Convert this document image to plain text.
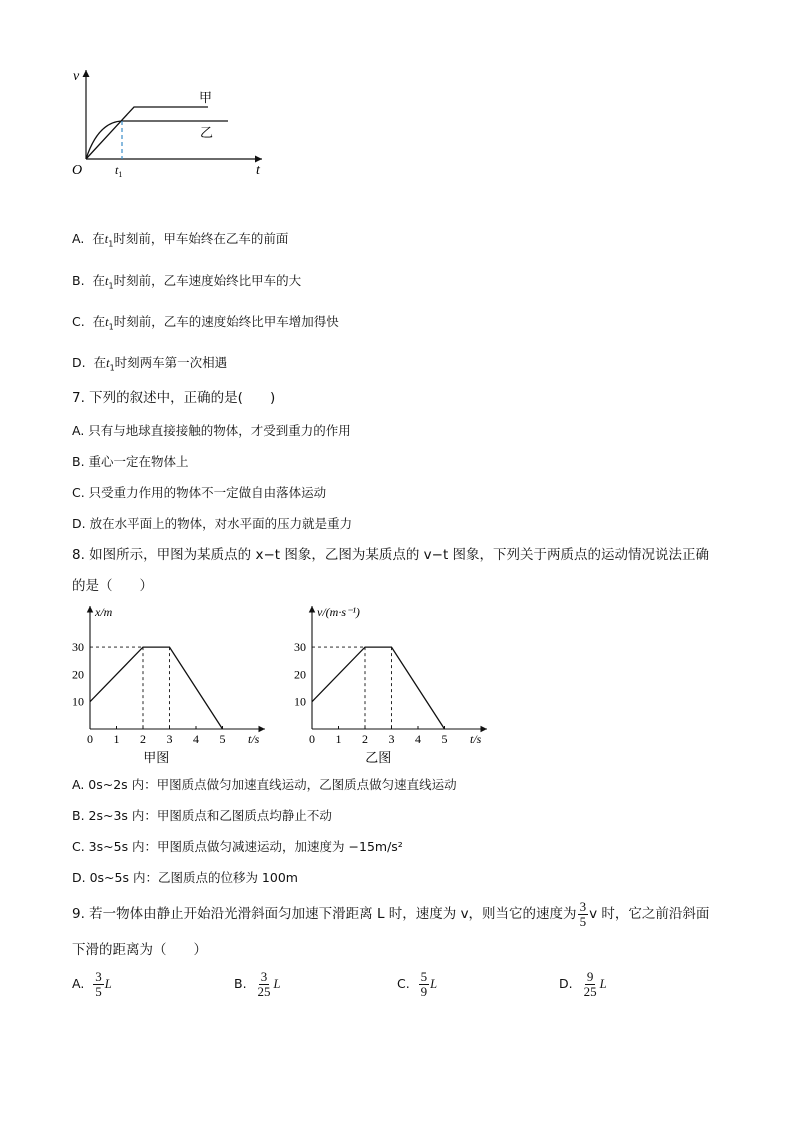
v
t
O	$t_1$
甲
乙
A. 在$t_1$时刻前，甲车始终在乙车的前面
B. 在$t_1$时刻前，乙车速度始终比甲车的大
C. 在$t_1$时刻前，乙车的速度始终比甲车增加得快
D. 在$t_1$时刻两车第一次相遇
7. 下列的叙述中，正确的是(　　)
A. 只有与地球直接接触的物体，才受到重力的作用
B. 重心一定在物体上
C. 只受重力作用的物体不一定做自由落体运动
D. 放在水平面上的物体，对水平面的压力就是重力
8. 如图所示，甲图为某质点的 x−t 图象，乙图为某质点的 v−t 图象，下列关于两质点的运动情况说法正确
的是（　　）
x/m
t/s
0 1 2 3 4 5
10
20
30
甲图
v/(m·s⁻¹)
t/s
0 1 2 3 4 5
10
20
30
乙图
A. 0s~2s 内：甲图质点做匀加速直线运动，乙图质点做匀速直线运动
B. 2s~3s 内：甲图质点和乙图质点均静止不动
C. 3s~5s 内：甲图质点做匀减速运动，加速度为 −15m/s²
D. 0s~5s 内：乙图质点的位移为 100m
9. 若一物体由静止开始沿光滑斜面匀加速下滑距离 L 时，速度为 v，则当它的速度为 $\frac{3}{5}$ v 时，它之前沿斜面
下滑的距离为（　　）
A. $\frac{3}{5}$ L	B. $\frac{3}{25}$ L	C. $\frac{5}{9}$ L	D. $\frac{9}{25}$ L
